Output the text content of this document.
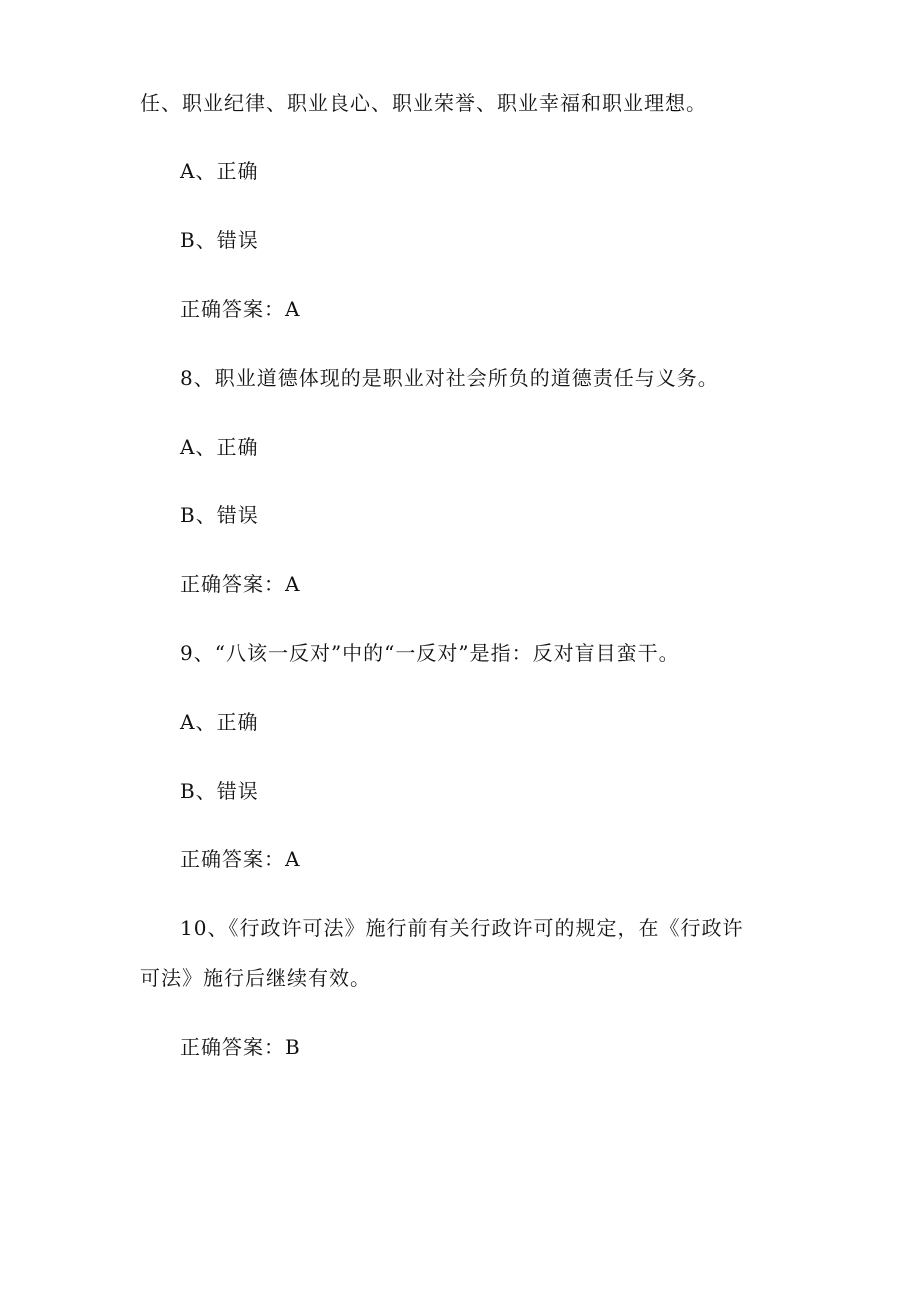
任、职业纪律、职业良心、职业荣誉、职业幸福和职业理想。
A、正确
B、错误
正确答案：A
8、职业道德体现的是职业对社会所负的道德责任与义务。
A、正确
B、错误
正确答案：A
9、“八该一反对”中的“一反对”是指：反对盲目蛮干。
A、正确
B、错误
正确答案：A
10、《行政许可法》施行前有关行政许可的规定，在《行政许
可法》施行后继续有效。
正确答案：B
